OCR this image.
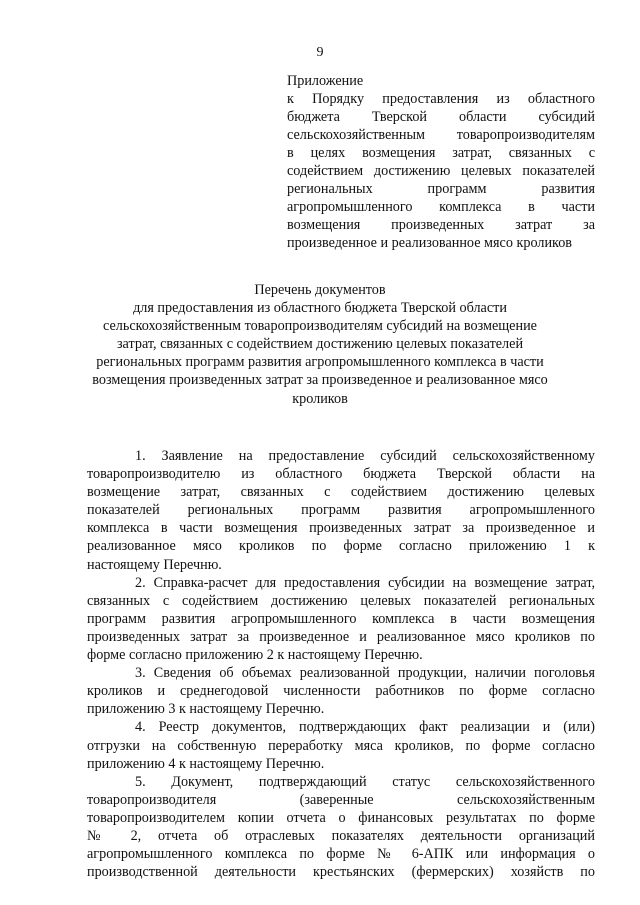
9
Приложение
к Порядку предоставления из областного
бюджета Тверской области субсидий
сельскохозяйственным товаропроизводителям
в целях возмещения затрат, связанных с
содействием достижению целевых показателей
региональных программ развития
агропромышленного комплекса в части
возмещения произведенных затрат за
произведенное и реализованное мясо кроликов
Перечень документов
для предоставления из областного бюджета Тверской области
сельскохозяйственным товаропроизводителям субсидий на возмещение
затрат, связанных с содействием достижению целевых показателей
региональных программ развития агропромышленного комплекса в части
возмещения произведенных затрат за произведенное и реализованное мясо
кроликов
1. Заявление на предоставление субсидий сельскохозяйственному
товаропроизводителю из областного бюджета Тверской области на
возмещение затрат, связанных с содействием достижению целевых
показателей региональных программ развития агропромышленного
комплекса в части возмещения произведенных затрат за произведенное и
реализованное мясо кроликов по форме согласно приложению 1 к
настоящему Перечню.
2. Справка-расчет для предоставления субсидии на возмещение затрат,
связанных с содействием достижению целевых показателей региональных
программ развития агропромышленного комплекса в части возмещения
произведенных затрат за произведенное и реализованное мясо кроликов по
форме согласно приложению 2 к настоящему Перечню.
3. Сведения об объемах реализованной продукции, наличии поголовья
кроликов и среднегодовой численности работников по форме согласно
приложению 3 к настоящему Перечню.
4. Реестр документов, подтверждающих факт реализации и (или)
отгрузки на собственную переработку мяса кроликов, по форме согласно
приложению 4 к настоящему Перечню.
5. Документ, подтверждающий статус сельскохозяйственного
товаропроизводителя (заверенные сельскохозяйственным
товаропроизводителем копии отчета о финансовых результатах по форме
№ 2, отчета об отраслевых показателях деятельности организаций
агропромышленного комплекса по форме № 6-АПК или информация о
производственной деятельности крестьянских (фермерских) хозяйств по
